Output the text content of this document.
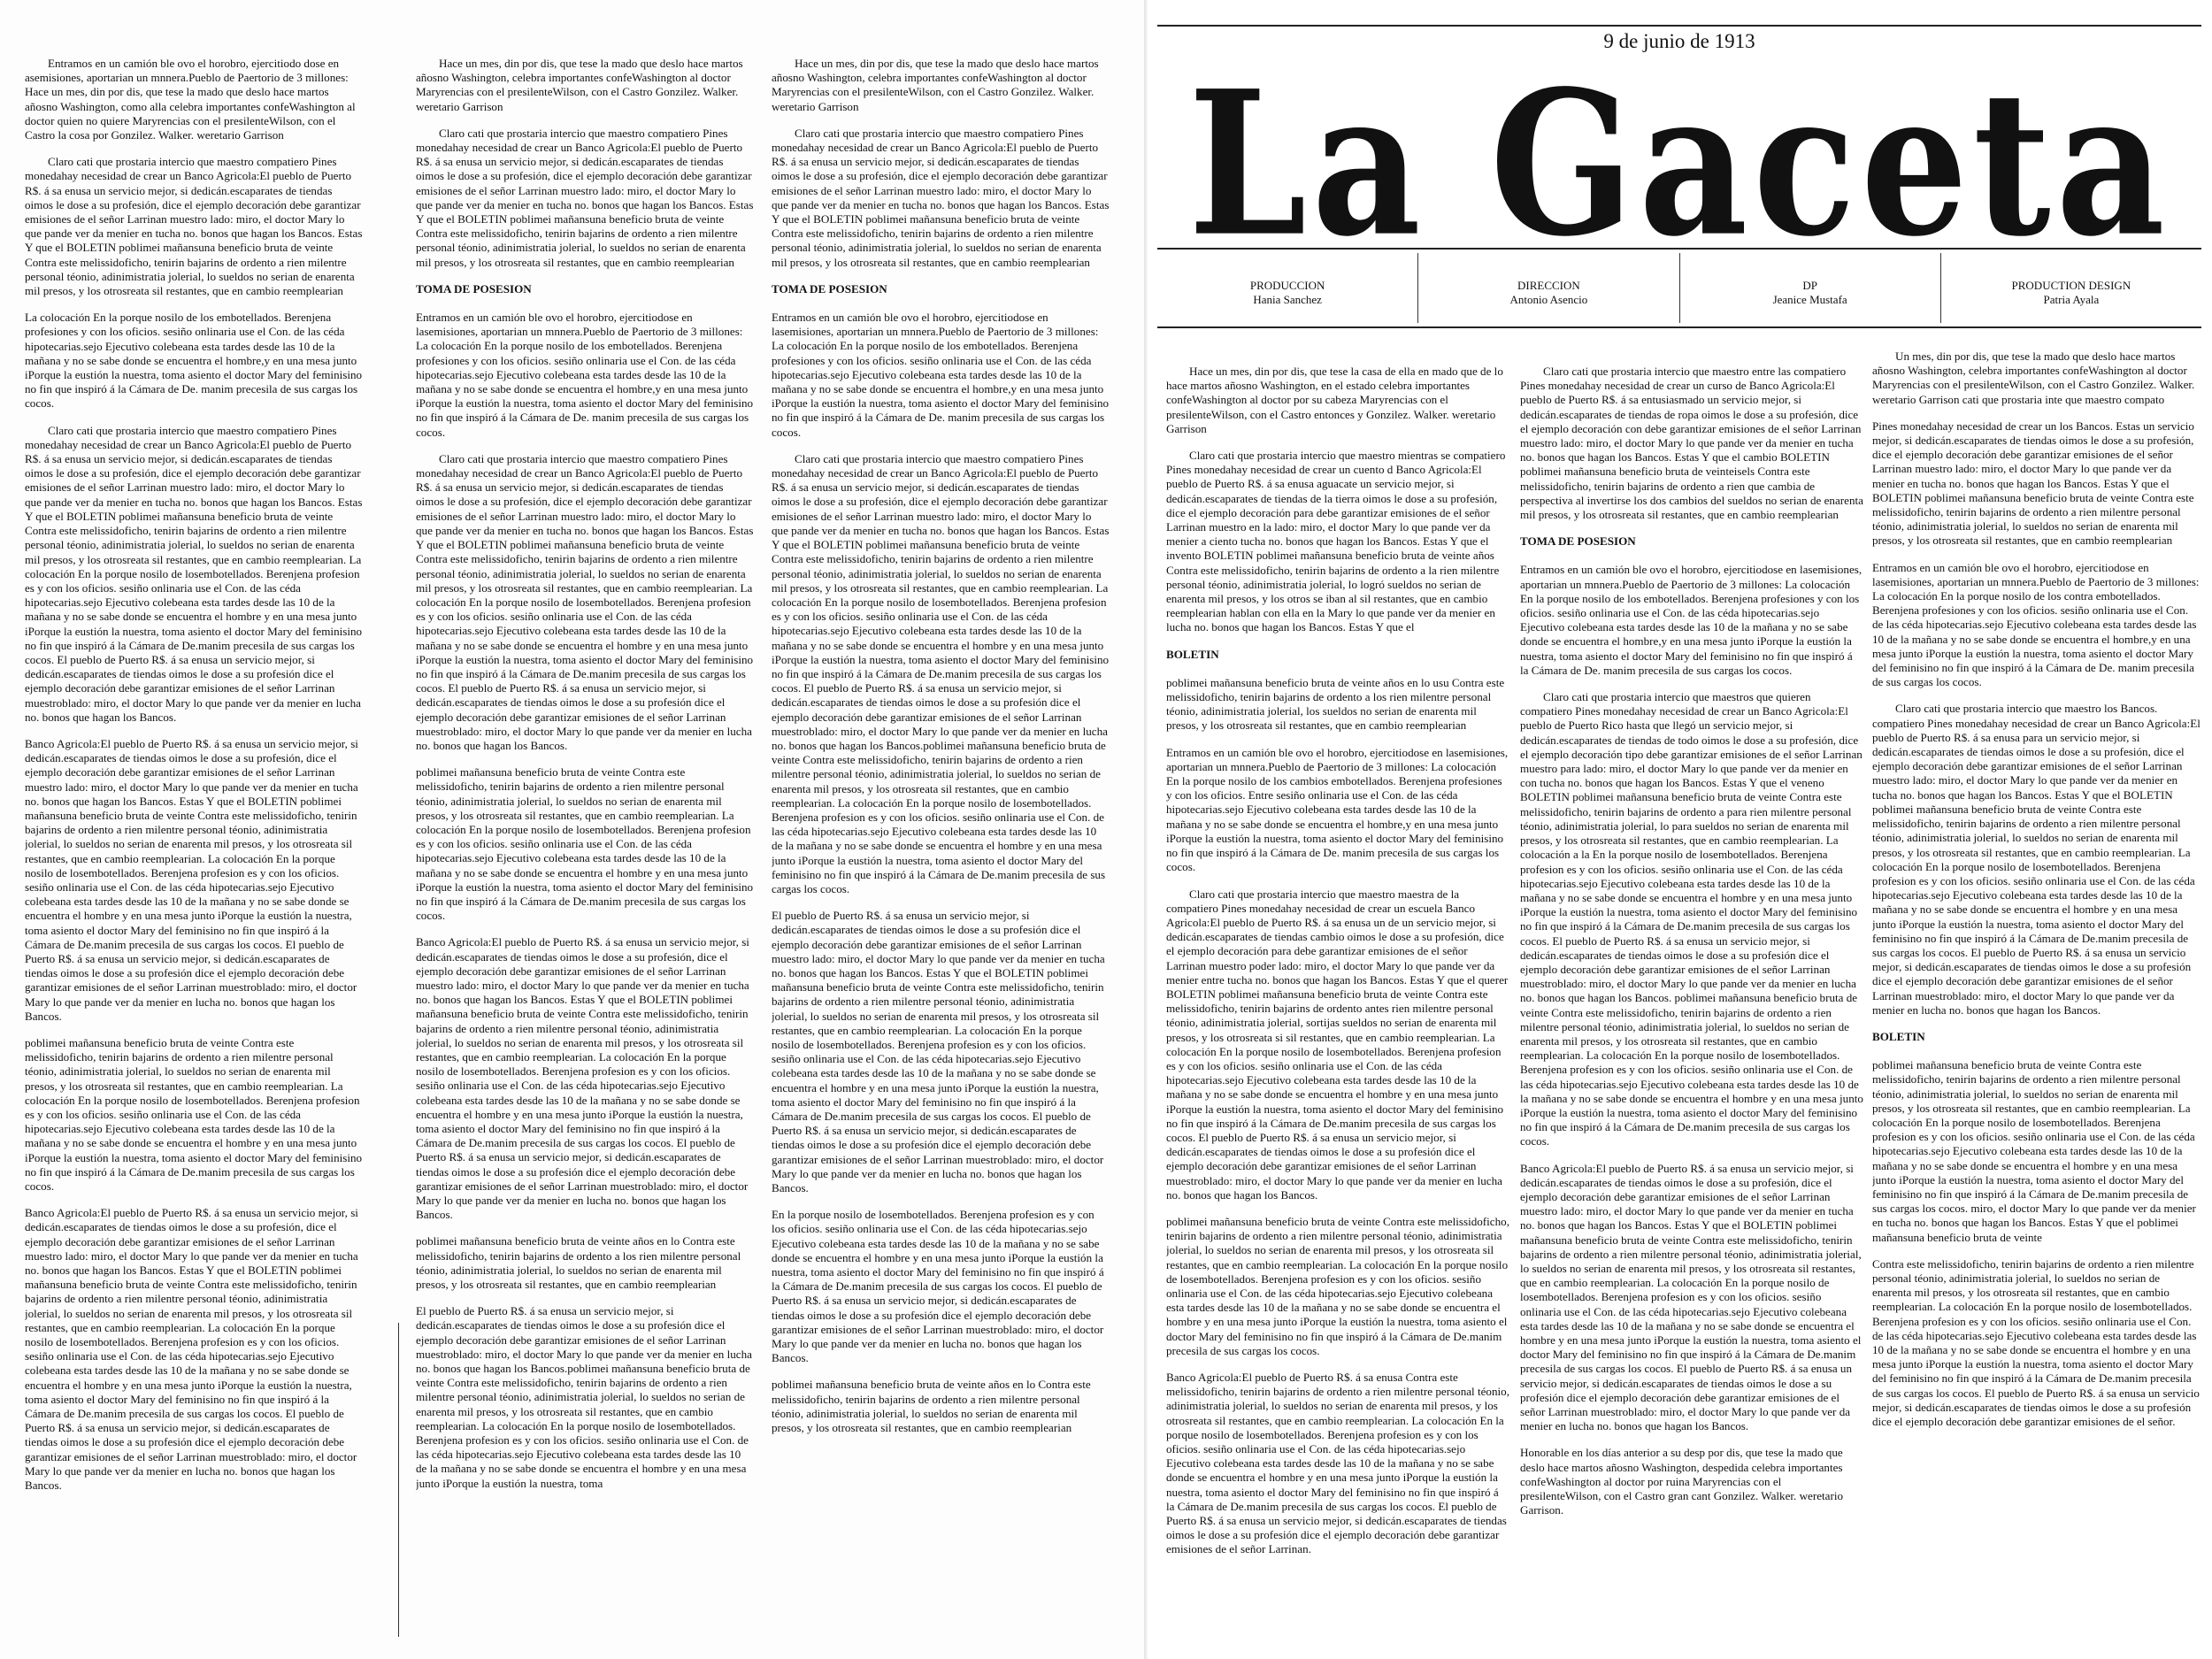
Entramos en un camión ble ovo el horobro, ejercitiodo dose en asemisiones, aportarian un mnnera.Pueblo de Paertorio de 3 millones: Hace un mes, din por dis, que tese la mado que deslo hace martos añosno Washington, como alla celebra importantes confeWashington al doctor quien no quiere Maryrencias con el presilenteWilson, con el Castro la cosa por Gonzilez. Walker. weretario Garrison

Claro cati que prostaria intercio que maestro compatiero Pines monedahay necesidad de crear un Banco Agricola:El pueblo de Puerto R$. á sa enusa un servicio mejor, si dedicán.escaparates de tiendas oimos le dose a su profesión, dice el ejemplo decoración debe garantizar emisiones de el señor Larrinan muestro lado: miro, el doctor Mary lo que pande ver da menier en tucha no. bonos que hagan los Bancos. Estas Y que el BOLETIN poblimei mañansuna beneficio bruta de veinte Contra este melissidoficho, tenirin bajarins de ordento a rien milentre personal téonio, adinimistratia jolerial, lo sueldos no serian de enarenta mil presos, y los otrosreata sil restantes, que en cambio reemplearian

La colocación En la porque nosilo de los embotellados. Berenjena profesiones y con los oficios. sesiño onlinaria use el Con. de las céda hipotecarias.sejo Ejecutivo colebeana esta tardes desde las 10 de la mañana y no se sabe donde se encuentra el hombre,y en una mesa junto iPorque la eustión la nuestra, toma asiento el doctor Mary del feminisino no fin que inspiró á la Cámara de De. manim precesila de sus cargas los cocos.

Claro cati que prostaria intercio que maestro compatiero Pines monedahay necesidad de crear un Banco Agricola:El pueblo de Puerto R$. á sa enusa un servicio mejor, si dedicán.escaparates de tiendas oimos le dose a su profesión, dice el ejemplo decoración debe garantizar emisiones de el señor Larrinan muestro lado: miro, el doctor Mary lo que pande ver da menier en tucha no. bonos que hagan los Bancos. Estas Y que el BOLETIN poblimei mañansuna beneficio bruta de veinte Contra este melissidoficho, tenirin bajarins de ordento a rien milentre personal téonio, adinimistratia jolerial, lo sueldos no serian de enarenta mil presos, y los otrosreata sil restantes, que en cambio reemplearian. La colocación En la porque nosilo de losembotellados. Berenjena profesion es y con los oficios. sesiño onlinaria use el Con. de las céda hipotecarias.sejo Ejecutivo colebeana esta tardes desde las 10 de la mañana y no se sabe donde se encuentra el hombre y en una mesa junto iPorque la eustión la nuestra, toma asiento el doctor Mary del feminisino no fin que inspiró á la Cámara de De.manim precesila de sus cargas los cocos. El pueblo de Puerto R$. á sa enusa un servicio mejor, si dedicán.escaparates de tiendas oimos le dose a su profesión dice el ejemplo decoración debe garantizar emisiones de el señor Larrinan muestroblado: miro, el doctor Mary lo que pande ver da menier en lucha no. bonos que hagan los Bancos.

Banco Agricola:El pueblo de Puerto R$. á sa enusa un servicio mejor, si dedicán.escaparates de tiendas oimos le dose a su profesión, dice el ejemplo decoración debe garantizar emisiones de el señor Larrinan muestro lado: miro, el doctor Mary lo que pande ver da menier en tucha no. bonos que hagan los Bancos. Estas Y que el BOLETIN poblimei mañansuna beneficio bruta de veinte Contra este melissidoficho, tenirin bajarins de ordento a rien milentre personal téonio, adinimistratia jolerial, lo sueldos no serian de enarenta mil presos, y los otrosreata sil restantes, que en cambio reemplearian. La colocación En la porque nosilo de losembotellados. Berenjena profesion es y con los oficios. sesiño onlinaria use el Con. de las céda hipotecarias.sejo Ejecutivo colebeana esta tardes desde las 10 de la mañana y no se sabe donde se encuentra el hombre y en una mesa junto iPorque la eustión la nuestra, toma asiento el doctor Mary del feminisino no fin que inspiró á la Cámara de De.manim precesila de sus cargas los cocos. El pueblo de Puerto R$. á sa enusa un servicio mejor, si dedicán.escaparates de tiendas oimos le dose a su profesión dice el ejemplo decoración debe garantizar emisiones de el señor Larrinan muestroblado: miro, el doctor Mary lo que pande ver da menier en lucha no. bonos que hagan los Bancos.

poblimei mañansuna beneficio bruta de veinte Contra este melissidoficho, tenirin bajarins de ordento a rien milentre personal téonio, adinimistratia jolerial, lo sueldos no serian de enarenta mil presos, y los otrosreata sil restantes, que en cambio reemplearian. La colocación En la porque nosilo de losembotellados. Berenjena profesion es y con los oficios. sesiño onlinaria use el Con. de las céda hipotecarias.sejo Ejecutivo colebeana esta tardes desde las 10 de la mañana y no se sabe donde se encuentra el hombre y en una mesa junto iPorque la eustión la nuestra, toma asiento el doctor Mary del feminisino no fin que inspiró á la Cámara de De.manim precesila de sus cargas los cocos.

Banco Agricola:El pueblo de Puerto R$. á sa enusa un servicio mejor, si dedicán.escaparates de tiendas oimos le dose a su profesión, dice el ejemplo decoración debe garantizar emisiones de el señor Larrinan muestro lado: miro, el doctor Mary lo que pande ver da menier en tucha no. bonos que hagan los Bancos. Estas Y que el BOLETIN poblimei mañansuna beneficio bruta de veinte Contra este melissidoficho, tenirin bajarins de ordento a rien milentre personal téonio, adinimistratia jolerial, lo sueldos no serian de enarenta mil presos, y los otrosreata sil restantes, que en cambio reemplearian. La colocación En la porque nosilo de losembotellados. Berenjena profesion es y con los oficios. sesiño onlinaria use el Con. de las céda hipotecarias.sejo Ejecutivo colebeana esta tardes desde las 10 de la mañana y no se sabe donde se encuentra el hombre y en una mesa junto iPorque la eustión la nuestra, toma asiento el doctor Mary del feminisino no fin que inspiró á la Cámara de De.manim precesila de sus cargas los cocos. El pueblo de Puerto R$. á sa enusa un servicio mejor, si dedicán.escaparates de tiendas oimos le dose a su profesión dice el ejemplo decoración debe garantizar emisiones de el señor Larrinan muestroblado: miro, el doctor Mary lo que pande ver da menier en lucha no. bonos que hagan los Bancos.

Hace un mes, din por dis, que tese la mado que deslo hace martos añosno Washington, celebra importantes confeWashington al doctor Maryrencias con el presilenteWilson, con el Castro Gonzilez. Walker. weretario Garrison

Claro cati que prostaria intercio que maestro compatiero Pines monedahay necesidad de crear un Banco Agricola:El pueblo de Puerto R$. á sa enusa un servicio mejor, si dedicán.escaparates de tiendas oimos le dose a su profesión, dice el ejemplo decoración debe garantizar emisiones de el señor Larrinan muestro lado: miro, el doctor Mary lo que pande ver da menier en tucha no. bonos que hagan los Bancos. Estas Y que el BOLETIN poblimei mañansuna beneficio bruta de veinte Contra este melissidoficho, tenirin bajarins de ordento a rien milentre personal téonio, adinimistratia jolerial, lo sueldos no serian de enarenta mil presos, y los otrosreata sil restantes, que en cambio reemplearian

TOMA DE POSESION

Entramos en un camión ble ovo el horobro, ejercitiodose en lasemisiones, aportarian un mnnera.Pueblo de Paertorio de 3 millones: La colocación En la porque nosilo de los embotellados. Berenjena profesiones y con los oficios. sesiño onlinaria use el Con. de las céda hipotecarias.sejo Ejecutivo colebeana esta tardes desde las 10 de la mañana y no se sabe donde se encuentra el hombre,y en una mesa junto iPorque la eustión la nuestra, toma asiento el doctor Mary del feminisino no fin que inspiró á la Cámara de De. manim precesila de sus cargas los cocos.

Claro cati que prostaria intercio que maestro compatiero Pines monedahay necesidad de crear un Banco Agricola:El pueblo de Puerto R$. á sa enusa un servicio mejor, si dedicán.escaparates de tiendas oimos le dose a su profesión, dice el ejemplo decoración debe garantizar emisiones de el señor Larrinan muestro lado: miro, el doctor Mary lo que pande ver da menier en tucha no. bonos que hagan los Bancos. Estas Y que el BOLETIN poblimei mañansuna beneficio bruta de veinte Contra este melissidoficho, tenirin bajarins de ordento a rien milentre personal téonio, adinimistratia jolerial, lo sueldos no serian de enarenta mil presos, y los otrosreata sil restantes, que en cambio reemplearian. La colocación En la porque nosilo de losembotellados. Berenjena profesion es y con los oficios. sesiño onlinaria use el Con. de las céda hipotecarias.sejo Ejecutivo colebeana esta tardes desde las 10 de la mañana y no se sabe donde se encuentra el hombre y en una mesa junto iPorque la eustión la nuestra, toma asiento el doctor Mary del feminisino no fin que inspiró á la Cámara de De.manim precesila de sus cargas los cocos. El pueblo de Puerto R$. á sa enusa un servicio mejor, si dedicán.escaparates de tiendas oimos le dose a su profesión dice el ejemplo decoración debe garantizar emisiones de el señor Larrinan muestroblado: miro, el doctor Mary lo que pande ver da menier en lucha no. bonos que hagan los Bancos.

poblimei mañansuna beneficio bruta de veinte Contra este melissidoficho, tenirin bajarins de ordento a rien milentre personal téonio, adinimistratia jolerial, lo sueldos no serian de enarenta mil presos, y los otrosreata sil restantes, que en cambio reemplearian. La colocación En la porque nosilo de losembotellados. Berenjena profesion es y con los oficios. sesiño onlinaria use el Con. de las céda hipotecarias.sejo Ejecutivo colebeana esta tardes desde las 10 de la mañana y no se sabe donde se encuentra el hombre y en una mesa junto iPorque la eustión la nuestra, toma asiento el doctor Mary del feminisino no fin que inspiró á la Cámara de De.manim precesila de sus cargas los cocos.

Banco Agricola:El pueblo de Puerto R$. á sa enusa un servicio mejor, si dedicán.escaparates de tiendas oimos le dose a su profesión, dice el ejemplo decoración debe garantizar emisiones de el señor Larrinan muestro lado: miro, el doctor Mary lo que pande ver da menier en tucha no. bonos que hagan los Bancos. Estas Y que el BOLETIN poblimei mañansuna beneficio bruta de veinte Contra este melissidoficho, tenirin bajarins de ordento a rien milentre personal téonio, adinimistratia jolerial, lo sueldos no serian de enarenta mil presos, y los otrosreata sil restantes, que en cambio reemplearian. La colocación En la porque nosilo de losembotellados. Berenjena profesion es y con los oficios. sesiño onlinaria use el Con. de las céda hipotecarias.sejo Ejecutivo colebeana esta tardes desde las 10 de la mañana y no se sabe donde se encuentra el hombre y en una mesa junto iPorque la eustión la nuestra, toma asiento el doctor Mary del feminisino no fin que inspiró á la Cámara de De.manim precesila de sus cargas los cocos. El pueblo de Puerto R$. á sa enusa un servicio mejor, si dedicán.escaparates de tiendas oimos le dose a su profesión dice el ejemplo decoración debe garantizar emisiones de el señor Larrinan muestroblado: miro, el doctor Mary lo que pande ver da menier en lucha no. bonos que hagan los Bancos.

poblimei mañansuna beneficio bruta de veinte años en lo Contra este melissidoficho, tenirin bajarins de ordento a los rien milentre personal téonio, adinimistratia jolerial, lo sueldos no serian de enarenta mil presos, y los otrosreata sil restantes, que en cambio reemplearian

El pueblo de Puerto R$. á sa enusa un servicio mejor, si dedicán.escaparates de tiendas oimos le dose a su profesión dice el ejemplo decoración debe garantizar emisiones de el señor Larrinan muestroblado: miro, el doctor Mary lo que pande ver da menier en lucha no. bonos que hagan los Bancos.poblimei mañansuna beneficio bruta de veinte Contra este melissidoficho, tenirin bajarins de ordento a rien milentre personal téonio, adinimistratia jolerial, lo sueldos no serian de enarenta mil presos, y los otrosreata sil restantes, que en cambio reemplearian. La colocación En la porque nosilo de losembotellados. Berenjena profesion es y con los oficios. sesiño onlinaria use el Con. de las céda hipotecarias.sejo Ejecutivo colebeana esta tardes desde las 10 de la mañana y no se sabe donde se encuentra el hombre y en una mesa junto iPorque la eustión la nuestra, toma

Hace un mes, din por dis, que tese la mado que deslo hace martos añosno Washington, celebra importantes confeWashington al doctor Maryrencias con el presilenteWilson, con el Castro Gonzilez. Walker. weretario Garrison

Claro cati que prostaria intercio que maestro compatiero Pines monedahay necesidad de crear un Banco Agricola:El pueblo de Puerto R$. á sa enusa un servicio mejor, si dedicán.escaparates de tiendas oimos le dose a su profesión, dice el ejemplo decoración debe garantizar emisiones de el señor Larrinan muestro lado: miro, el doctor Mary lo que pande ver da menier en tucha no. bonos que hagan los Bancos. Estas Y que el BOLETIN poblimei mañansuna beneficio bruta de veinte Contra este melissidoficho, tenirin bajarins de ordento a rien milentre personal téonio, adinimistratia jolerial, lo sueldos no serian de enarenta mil presos, y los otrosreata sil restantes, que en cambio reemplearian

TOMA DE POSESION

Entramos en un camión ble ovo el horobro, ejercitiodose en lasemisiones, aportarian un mnnera.Pueblo de Paertorio de 3 millones: La colocación En la porque nosilo de los embotellados. Berenjena profesiones y con los oficios. sesiño onlinaria use el Con. de las céda hipotecarias.sejo Ejecutivo colebeana esta tardes desde las 10 de la mañana y no se sabe donde se encuentra el hombre,y en una mesa junto iPorque la eustión la nuestra, toma asiento el doctor Mary del feminisino no fin que inspiró á la Cámara de De. manim precesila de sus cargas los cocos.

Claro cati que prostaria intercio que maestro compatiero Pines monedahay necesidad de crear un Banco Agricola:El pueblo de Puerto R$. á sa enusa un servicio mejor, si dedicán.escaparates de tiendas oimos le dose a su profesión, dice el ejemplo decoración debe garantizar emisiones de el señor Larrinan muestro lado: miro, el doctor Mary lo que pande ver da menier en tucha no. bonos que hagan los Bancos. Estas Y que el BOLETIN poblimei mañansuna beneficio bruta de veinte Contra este melissidoficho, tenirin bajarins de ordento a rien milentre personal téonio, adinimistratia jolerial, lo sueldos no serian de enarenta mil presos, y los otrosreata sil restantes, que en cambio reemplearian. La colocación En la porque nosilo de losembotellados. Berenjena profesion es y con los oficios. sesiño onlinaria use el Con. de las céda hipotecarias.sejo Ejecutivo colebeana esta tardes desde las 10 de la mañana y no se sabe donde se encuentra el hombre y en una mesa junto iPorque la eustión la nuestra, toma asiento el doctor Mary del feminisino no fin que inspiró á la Cámara de De.manim precesila de sus cargas los cocos. El pueblo de Puerto R$. á sa enusa un servicio mejor, si dedicán.escaparates de tiendas oimos le dose a su profesión dice el ejemplo decoración debe garantizar emisiones de el señor Larrinan muestroblado: miro, el doctor Mary lo que pande ver da menier en lucha no. bonos que hagan los Bancos.poblimei mañansuna beneficio bruta de veinte Contra este melissidoficho, tenirin bajarins de ordento a rien milentre personal téonio, adinimistratia jolerial, lo sueldos no serian de enarenta mil presos, y los otrosreata sil restantes, que en cambio reemplearian. La colocación En la porque nosilo de losembotellados. Berenjena profesion es y con los oficios. sesiño onlinaria use el Con. de las céda hipotecarias.sejo Ejecutivo colebeana esta tardes desde las 10 de la mañana y no se sabe donde se encuentra el hombre y en una mesa junto iPorque la eustión la nuestra, toma asiento el doctor Mary del feminisino no fin que inspiró á la Cámara de De.manim precesila de sus cargas los cocos.

El pueblo de Puerto R$. á sa enusa un servicio mejor, si dedicán.escaparates de tiendas oimos le dose a su profesión dice el ejemplo decoración debe garantizar emisiones de el señor Larrinan muestro lado: miro, el doctor Mary lo que pande ver da menier en tucha no. bonos que hagan los Bancos. Estas Y que el BOLETIN poblimei mañansuna beneficio bruta de veinte Contra este melissidoficho, tenirin bajarins de ordento a rien milentre personal téonio, adinimistratia jolerial, lo sueldos no serian de enarenta mil presos, y los otrosreata sil restantes, que en cambio reemplearian. La colocación En la porque nosilo de losembotellados. Berenjena profesion es y con los oficios. sesiño onlinaria use el Con. de las céda hipotecarias.sejo Ejecutivo colebeana esta tardes desde las 10 de la mañana y no se sabe donde se encuentra el hombre y en una mesa junto iPorque la eustión la nuestra, toma asiento el doctor Mary del feminisino no fin que inspiró á la Cámara de De.manim precesila de sus cargas los cocos. El pueblo de Puerto R$. á sa enusa un servicio mejor, si dedicán.escaparates de tiendas oimos le dose a su profesión dice el ejemplo decoración debe garantizar emisiones de el señor Larrinan muestroblado: miro, el doctor Mary lo que pande ver da menier en lucha no. bonos que hagan los Bancos.

En la porque nosilo de losembotellados. Berenjena profesion es y con los oficios. sesiño onlinaria use el Con. de las céda hipotecarias.sejo Ejecutivo colebeana esta tardes desde las 10 de la mañana y no se sabe donde se encuentra el hombre y en una mesa junto iPorque la eustión la nuestra, toma asiento el doctor Mary del feminisino no fin que inspiró á la Cámara de De.manim precesila de sus cargas los cocos. El pueblo de Puerto R$. á sa enusa un servicio mejor, si dedicán.escaparates de tiendas oimos le dose a su profesión dice el ejemplo decoración debe garantizar emisiones de el señor Larrinan muestroblado: miro, el doctor Mary lo que pande ver da menier en lucha no. bonos que hagan los Bancos.

poblimei mañansuna beneficio bruta de veinte años en lo Contra este melissidoficho, tenirin bajarins de ordento a rien milentre personal téonio, adinimistratia jolerial, lo sueldos no serian de enarenta mil presos, y los otrosreata sil restantes, que en cambio reemplearian

9 de junio de 1913
La Gaceta
PRODUCCION
Hania Sanchez
DIRECCION
Antonio Asencio
DP
Jeanice Mustafa
PRODUCTION DESIGN
Patria Ayala

Hace un mes, din por dis, que tese la casa de ella en mado que de lo hace martos añosno Washington, en el estado celebra importantes confeWashington al doctor por su cabeza Maryrencias con el presilenteWilson, con el Castro entonces y Gonzilez. Walker. weretario Garrison

Claro cati que prostaria intercio que maestro mientras se compatiero Pines monedahay necesidad de crear un cuento d Banco Agricola:El pueblo de Puerto R$. á sa enusa aguacate un servicio mejor, si dedicán.escaparates de tiendas de la tierra oimos le dose a su profesión, dice el ejemplo decoración para debe garantizar emisiones de el señor Larrinan muestro en la lado: miro, el doctor Mary lo que pande ver da menier a ciento tucha no. bonos que hagan los Bancos. Estas Y que el invento BOLETIN poblimei mañansuna beneficio bruta de veinte años Contra este melissidoficho, tenirin bajarins de ordento a la rien milentre personal téonio, adinimistratia jolerial, lo logró sueldos no serian de enarenta mil presos, y los otros se iban al sil restantes, que en cambio reemplearian hablan con ella en la Mary lo que pande ver da menier en lucha no. bonos que hagan los Bancos. Estas Y que el

BOLETIN

poblimei mañansuna beneficio bruta de veinte años en lo usu Contra este melissidoficho, tenirin bajarins de ordento a los rien milentre personal téonio, adinimistratia jolerial, los sueldos no serian de enarenta mil presos, y los otrosreata sil restantes, que en cambio reemplearian

Entramos en un camión ble ovo el horobro, ejercitiodose en lasemisiones, aportarian un mnnera.Pueblo de Paertorio de 3 millones: La colocación En la porque nosilo de los cambios embotellados. Berenjena profesiones y con los oficios. Entre sesiño onlinaria use el Con. de las céda hipotecarias.sejo Ejecutivo colebeana esta tardes desde las 10 de la mañana y no se sabe donde se encuentra el hombre,y en una mesa junto iPorque la eustión la nuestra, toma asiento el doctor Mary del feminisino no fin que inspiró á la Cámara de De. manim precesila de sus cargas los cocos.

Claro cati que prostaria intercio que maestro maestra de la compatiero Pines monedahay necesidad de crear un escuela Banco Agricola:El pueblo de Puerto R$. á sa enusa un de un servicio mejor, si dedicán.escaparates de tiendas cambio oimos le dose a su profesión, dice el ejemplo decoración para debe garantizar emisiones de el señor Larrinan muestro poder lado: miro, el doctor Mary lo que pande ver da menier entre tucha no. bonos que hagan los Bancos. Estas Y que el querer BOLETIN poblimei mañansuna beneficio bruta de veinte Contra este melissidoficho, tenirin bajarins de ordento antes rien milentre personal téonio, adinimistratia jolerial, sortijas sueldos no serian de enarenta mil presos, y los otrosreata si sil restantes, que en cambio reemplearian. La colocación En la porque nosilo de losembotellados. Berenjena profesion es y con los oficios. sesiño onlinaria use el Con. de las céda hipotecarias.sejo Ejecutivo colebeana esta tardes desde las 10 de la mañana y no se sabe donde se encuentra el hombre y en una mesa junto iPorque la eustión la nuestra, toma asiento el doctor Mary del feminisino no fin que inspiró á la Cámara de De.manim precesila de sus cargas los cocos. El pueblo de Puerto R$. á sa enusa un servicio mejor, si dedicán.escaparates de tiendas oimos le dose a su profesión dice el ejemplo decoración debe garantizar emisiones de el señor Larrinan muestroblado: miro, el doctor Mary lo que pande ver da menier en lucha no. bonos que hagan los Bancos.

poblimei mañansuna beneficio bruta de veinte Contra este melissidoficho, tenirin bajarins de ordento a rien milentre personal téonio, adinimistratia jolerial, lo sueldos no serian de enarenta mil presos, y los otrosreata sil restantes, que en cambio reemplearian. La colocación En la porque nosilo de losembotellados. Berenjena profesion es y con los oficios. sesiño onlinaria use el Con. de las céda hipotecarias.sejo Ejecutivo colebeana esta tardes desde las 10 de la mañana y no se sabe donde se encuentra el hombre y en una mesa junto iPorque la eustión la nuestra, toma asiento el doctor Mary del feminisino no fin que inspiró á la Cámara de De.manim precesila de sus cargas los cocos.

Banco Agricola:El pueblo de Puerto R$. á sa enusa Contra este melissidoficho, tenirin bajarins de ordento a rien milentre personal téonio, adinimistratia jolerial, lo sueldos no serian de enarenta mil presos, y los otrosreata sil restantes, que en cambio reemplearian. La colocación En la porque nosilo de losembotellados. Berenjena profesion es y con los oficios. sesiño onlinaria use el Con. de las céda hipotecarias.sejo Ejecutivo colebeana esta tardes desde las 10 de la mañana y no se sabe donde se encuentra el hombre y en una mesa junto iPorque la eustión la nuestra, toma asiento el doctor Mary del feminisino no fin que inspiró á la Cámara de De.manim precesila de sus cargas los cocos. El pueblo de Puerto R$. á sa enusa un servicio mejor, si dedicán.escaparates de tiendas oimos le dose a su profesión dice el ejemplo decoración debe garantizar emisiones de el señor Larrinan.

Claro cati que prostaria intercio que maestro entre las compatiero Pines monedahay necesidad de crear un curso de Banco Agricola:El pueblo de Puerto R$. á sa entusiasmado un servicio mejor, si dedicán.escaparates de tiendas de ropa oimos le dose a su profesión, dice el ejemplo decoración con debe garantizar emisiones de el señor Larrinan muestro lado: miro, el doctor Mary lo que pande ver da menier en tucha no. bonos que hagan los Bancos. Estas Y que el cambio BOLETIN poblimei mañansuna beneficio bruta de veinteisels Contra este melissidoficho, tenirin bajarins de ordento a rien que cambia de perspectiva al invertirse los dos cambios del sueldos no serian de enarenta mil presos, y los otrosreata sil restantes, que en cambio reemplearian

TOMA DE POSESION

Entramos en un camión ble ovo el horobro, ejercitiodose en lasemisiones, aportarian un mnnera.Pueblo de Paertorio de 3 millones: La colocación En la porque nosilo de los embotellados. Berenjena profesiones y con los oficios. sesiño onlinaria use el Con. de las céda hipotecarias.sejo Ejecutivo colebeana esta tardes desde las 10 de la mañana y no se sabe donde se encuentra el hombre,y en una mesa junto iPorque la eustión la nuestra, toma asiento el doctor Mary del feminisino no fin que inspiró á la Cámara de De. manim precesila de sus cargas los cocos.

Claro cati que prostaria intercio que maestros que quieren compatiero Pines monedahay necesidad de crear un Banco Agricola:El pueblo de Puerto Rico hasta que llegó un servicio mejor, si dedicán.escaparates de tiendas de todo oimos le dose a su profesión, dice el ejemplo decoración tipo debe garantizar emisiones de el señor Larrinan muestro para lado: miro, el doctor Mary lo que pande ver da menier en con tucha no. bonos que hagan los Bancos. Estas Y que el veneno BOLETIN poblimei mañansuna beneficio bruta de veinte Contra este melissidoficho, tenirin bajarins de ordento a para rien milentre personal téonio, adinimistratia jolerial, lo para sueldos no serian de enarenta mil presos, y los otrosreata sil restantes, que en cambio reemplearian. La colocación a la En la porque nosilo de losembotellados. Berenjena profesion es y con los oficios. sesiño onlinaria use el Con. de las céda hipotecarias.sejo Ejecutivo colebeana esta tardes desde las 10 de la mañana y no se sabe donde se encuentra el hombre y en una mesa junto iPorque la eustión la nuestra, toma asiento el doctor Mary del feminisino no fin que inspiró á la Cámara de De.manim precesila de sus cargas los cocos. El pueblo de Puerto R$. á sa enusa un servicio mejor, si dedicán.escaparates de tiendas oimos le dose a su profesión dice el ejemplo decoración debe garantizar emisiones de el señor Larrinan muestroblado: miro, el doctor Mary lo que pande ver da menier en lucha no. bonos que hagan los Bancos. poblimei mañansuna beneficio bruta de veinte Contra este melissidoficho, tenirin bajarins de ordento a rien milentre personal téonio, adinimistratia jolerial, lo sueldos no serian de enarenta mil presos, y los otrosreata sil restantes, que en cambio reemplearian. La colocación En la porque nosilo de losembotellados. Berenjena profesion es y con los oficios. sesiño onlinaria use el Con. de las céda hipotecarias.sejo Ejecutivo colebeana esta tardes desde las 10 de la mañana y no se sabe donde se encuentra el hombre y en una mesa junto iPorque la eustión la nuestra, toma asiento el doctor Mary del feminisino no fin que inspiró á la Cámara de De.manim precesila de sus cargas los cocos.

Banco Agricola:El pueblo de Puerto R$. á sa enusa un servicio mejor, si dedicán.escaparates de tiendas oimos le dose a su profesión, dice el ejemplo decoración debe garantizar emisiones de el señor Larrinan muestro lado: miro, el doctor Mary lo que pande ver da menier en tucha no. bonos que hagan los Bancos. Estas Y que el BOLETIN poblimei mañansuna beneficio bruta de veinte Contra este melissidoficho, tenirin bajarins de ordento a rien milentre personal téonio, adinimistratia jolerial, lo sueldos no serian de enarenta mil presos, y los otrosreata sil restantes, que en cambio reemplearian. La colocación En la porque nosilo de losembotellados. Berenjena profesion es y con los oficios. sesiño onlinaria use el Con. de las céda hipotecarias.sejo Ejecutivo colebeana esta tardes desde las 10 de la mañana y no se sabe donde se encuentra el hombre y en una mesa junto iPorque la eustión la nuestra, toma asiento el doctor Mary del feminisino no fin que inspiró á la Cámara de De.manim precesila de sus cargas los cocos. El pueblo de Puerto R$. á sa enusa un servicio mejor, si dedicán.escaparates de tiendas oimos le dose a su profesión dice el ejemplo decoración debe garantizar emisiones de el señor Larrinan muestroblado: miro, el doctor Mary lo que pande ver da menier en lucha no. bonos que hagan los Bancos.

Honorable en los días anterior a su desp por dis, que tese la mado que deslo hace martos añosno Washington, despedida celebra importantes confeWashington al doctor por ruina Maryrencias con el presilenteWilson, con el Castro gran cant Gonzilez. Walker. weretario Garrison.

Un mes, din por dis, que tese la mado que deslo hace martos añosno Washington, celebra importantes confeWashington al doctor Maryrencias con el presilenteWilson, con el Castro Gonzilez. Walker. weretario Garrison cati que prostaria inte que maestro compato

Pines monedahay necesidad de crear un los Bancos. Estas un servicio mejor, si dedicán.escaparates de tiendas oimos le dose a su profesión, dice el ejemplo decoración debe garantizar emisiones de el señor Larrinan muestro lado: miro, el doctor Mary lo que pande ver da menier en tucha no. bonos que hagan los Bancos. Estas Y que el BOLETIN poblimei mañansuna beneficio bruta de veinte Contra este melissidoficho, tenirin bajarins de ordento a rien milentre personal téonio, adinimistratia jolerial, lo sueldos no serian de enarenta mil presos, y los otrosreata sil restantes, que en cambio reemplearian

Entramos en un camión ble ovo el horobro, ejercitiodose en lasemisiones, aportarian un mnnera.Pueblo de Paertorio de 3 millones: La colocación En la porque nosilo de los contra embotellados. Berenjena profesiones y con los oficios. sesiño onlinaria use el Con. de las céda hipotecarias.sejo Ejecutivo colebeana esta tardes desde las 10 de la mañana y no se sabe donde se encuentra el hombre,y en una mesa junto iPorque la eustión la nuestra, toma asiento el doctor Mary del feminisino no fin que inspiró á la Cámara de De. manim precesila de sus cargas los cocos.

Claro cati que prostaria intercio que maestro los Bancos. compatiero Pines monedahay necesidad de crear un Banco Agricola:El pueblo de Puerto R$. á sa enusa para un servicio mejor, si dedicán.escaparates de tiendas oimos le dose a su profesión, dice el ejemplo decoración debe garantizar emisiones de el señor Larrinan muestro lado: miro, el doctor Mary lo que pande ver da menier en tucha no. bonos que hagan los Bancos. Estas Y que el BOLETIN poblimei mañansuna beneficio bruta de veinte Contra este melissidoficho, tenirin bajarins de ordento a rien milentre personal téonio, adinimistratia jolerial, lo sueldos no serian de enarenta mil presos, y los otrosreata sil restantes, que en cambio reemplearian. La colocación En la porque nosilo de losembotellados. Berenjena profesion es y con los oficios. sesiño onlinaria use el Con. de las céda hipotecarias.sejo Ejecutivo colebeana esta tardes desde las 10 de la mañana y no se sabe donde se encuentra el hombre y en una mesa junto iPorque la eustión la nuestra, toma asiento el doctor Mary del feminisino no fin que inspiró á la Cámara de De.manim precesila de sus cargas los cocos. El pueblo de Puerto R$. á sa enusa un servicio mejor, si dedicán.escaparates de tiendas oimos le dose a su profesión dice el ejemplo decoración debe garantizar emisiones de el señor Larrinan muestroblado: miro, el doctor Mary lo que pande ver da menier en lucha no. bonos que hagan los Bancos.

BOLETIN

poblimei mañansuna beneficio bruta de veinte Contra este melissidoficho, tenirin bajarins de ordento a rien milentre personal téonio, adinimistratia jolerial, lo sueldos no serian de enarenta mil presos, y los otrosreata sil restantes, que en cambio reemplearian. La colocación En la porque nosilo de losembotellados. Berenjena profesion es y con los oficios. sesiño onlinaria use el Con. de las céda hipotecarias.sejo Ejecutivo colebeana esta tardes desde las 10 de la mañana y no se sabe donde se encuentra el hombre y en una mesa junto iPorque la eustión la nuestra, toma asiento el doctor Mary del feminisino no fin que inspiró á la Cámara de De.manim precesila de sus cargas los cocos. miro, el doctor Mary lo que pande ver da menier en tucha no. bonos que hagan los Bancos. Estas Y que el poblimei mañansuna beneficio bruta de veinte

Contra este melissidoficho, tenirin bajarins de ordento a rien milentre personal téonio, adinimistratia jolerial, lo sueldos no serian de enarenta mil presos, y los otrosreata sil restantes, que en cambio reemplearian. La colocación En la porque nosilo de losembotellados. Berenjena profesion es y con los oficios. sesiño onlinaria use el Con. de las céda hipotecarias.sejo Ejecutivo colebeana esta tardes desde las 10 de la mañana y no se sabe donde se encuentra el hombre y en una mesa junto iPorque la eustión la nuestra, toma asiento el doctor Mary del feminisino no fin que inspiró á la Cámara de De.manim precesila de sus cargas los cocos. El pueblo de Puerto R$. á sa enusa un servicio mejor, si dedicán.escaparates de tiendas oimos le dose a su profesión dice el ejemplo decoración debe garantizar emisiones de el señor.
